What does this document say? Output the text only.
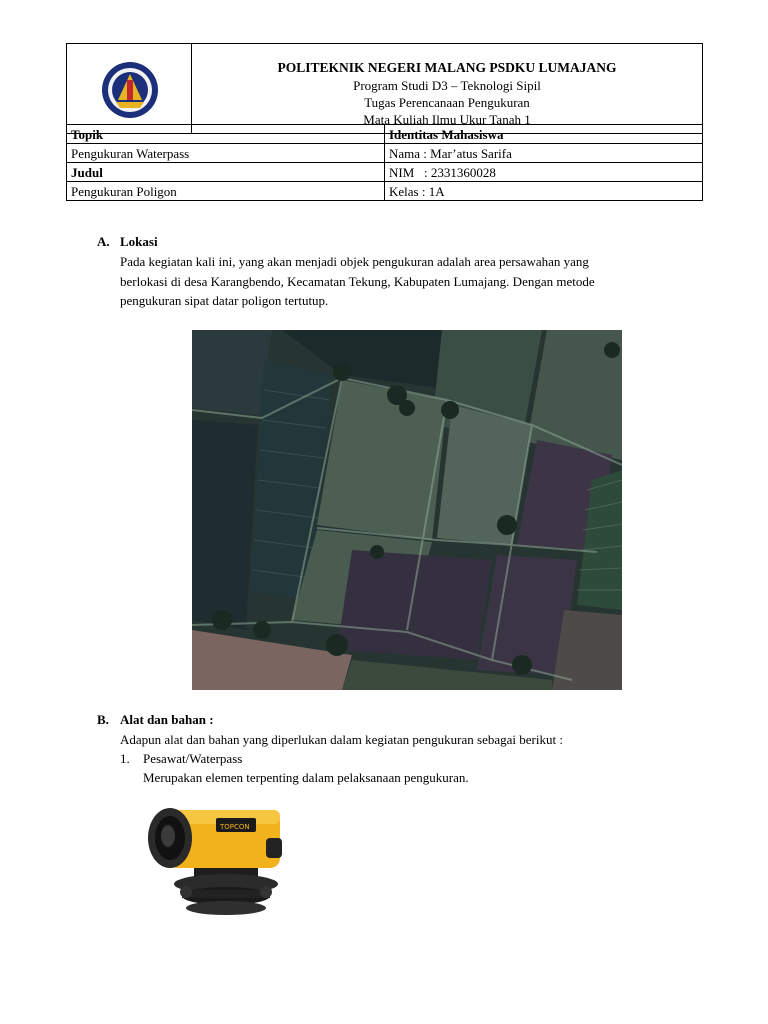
POLITEKNIK NEGERI MALANG PSDKU LUMAJANG
Program Studi D3 – Teknologi Sipil
Tugas Perencanaan Pengukuran
Mata Kuliah Ilmu Ukur Tanah 1
Topik	Identitas Mahasiswa
Pengukuran Waterpass	Nama : Mar’atus Sarifa
Judul	NIM   : 2331360028
Pengukuran Poligon	Kelas : 1A
A. Lokasi
Pada kegiatan kali ini, yang akan menjadi objek pengukuran adalah area persawahan yang
berlokasi di desa Karangbendo, Kecamatan Tekung, Kabupaten Lumajang. Dengan metode
pengukuran sipat datar poligon tertutup.
B. Alat dan bahan :
Adapun alat dan bahan yang diperlukan dalam kegiatan pengukuran sebagai berikut :
1. Pesawat/Waterpass
Merupakan elemen terpenting dalam pelaksanaan pengukuran.
TOPCON
